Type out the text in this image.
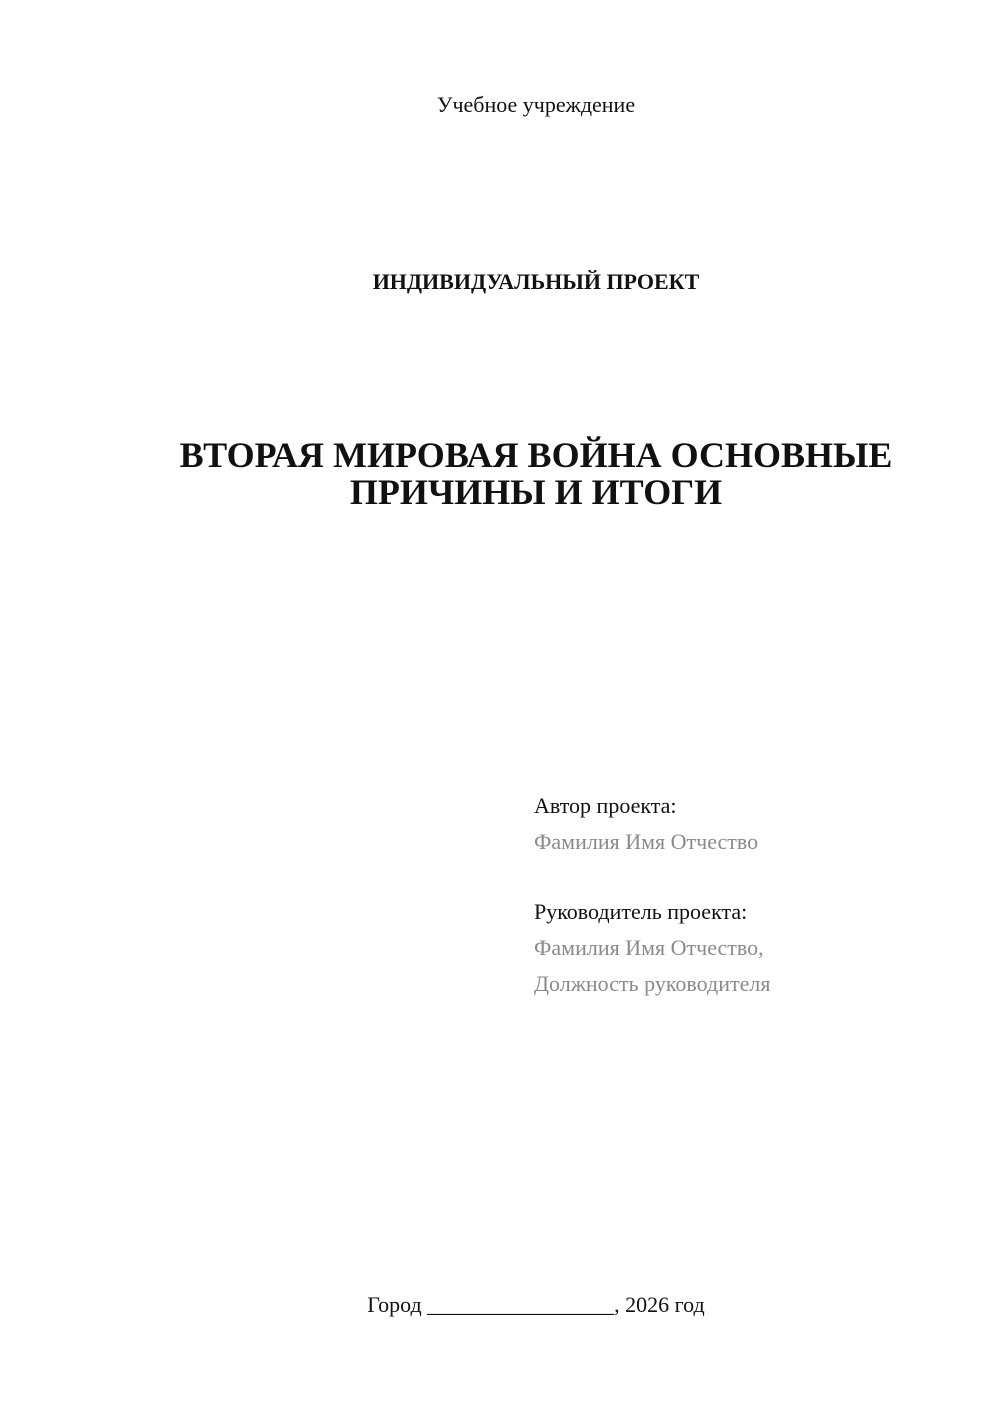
Учебное учреждение
ИНДИВИДУАЛЬНЫЙ ПРОЕКТ
ВТОРАЯ МИРОВАЯ ВОЙНА ОСНОВНЫЕ
ПРИЧИНЫ И ИТОГИ
Автор проекта:
Фамилия Имя Отчество
Руководитель проекта:
Фамилия Имя Отчество,
Должность руководителя
Город _________________, 2026 год
